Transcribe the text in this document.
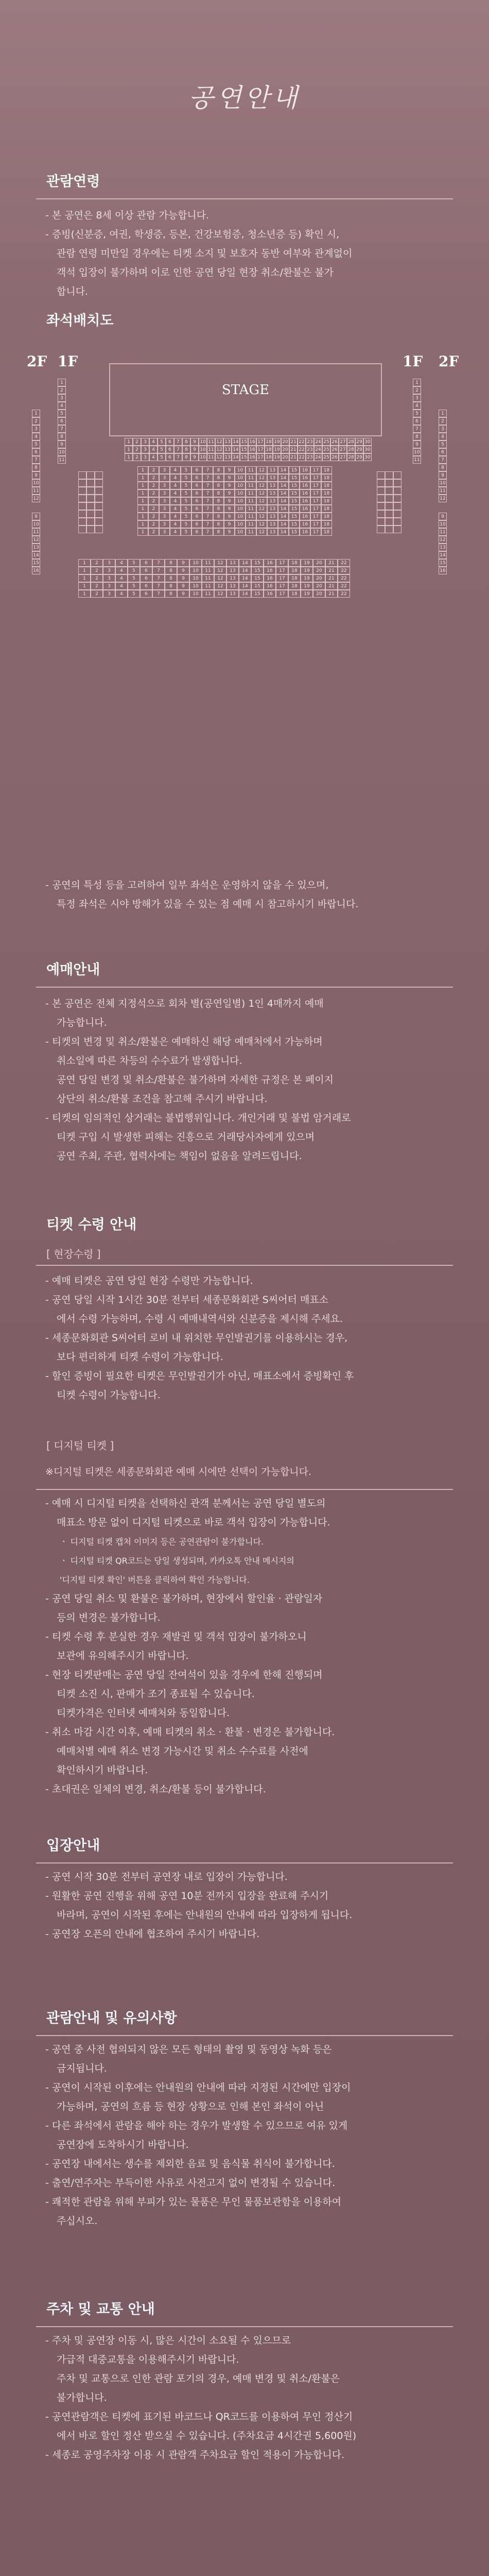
공연안내
관람연령

- 본 공연은 8세 이상 관람 가능합니다.

- 증빙(신분증, 여권, 학생증, 등본, 건강보험증, 청소년증 등) 확인 시,

관람 연령 미만일 경우에는 티켓 소지 및 보호자 동반 여부와 관계없이

객석 입장이 불가하며 이로 인한 공연 당일 현장 취소/환불은 불가

합니다.

좌석배치도
2F 1F	1F 2F
STAGE
1	1
2	2
3	3
4	4
5	5
6	6
7	7
8	8
9	9
10	10
11	11
1	1
2	2
3	3
4	4
5	5
6	6
7	7
8	8
9	9
10	10
11	11
12	12
1	2	3	4	5	6	7	8	9 10 11 12 13 14 15 16 17 18 19 20 21 22 23 24 25 26 27 28 29 30
1	2	3	4	5	6	7	8	9 10 11 12 13 14 15 16 17 18 19 20 21 22 23 24 25 26 27 28 29 30
1	2	3	4	5	6	7	8	9 10 11 12 13 14 15 16 17 18 19 20 21 22 23 24 25 26 27 28 29 30
1	2	3	4	5	6	7	8	9	10	11	12	13	14	15	16	17	18
1	2	3	4	5	6	7	8	9	10	11	12	13	14	15	16	17	18
1	2	3	4	5	6	7	8	9	10	11	12	13	14	15	16	17	18
1	2	3	4	5	6	7	8	9	10	11	12	13	14	15	16	17	18
1	2	3	4	5	6	7	8	9	10	11	12	13	14	15	16	17	18
1	2	3	4	5	6	7	8	9	10	11	12	13	14	15	16	17	18
1	2	3	4	5	6	7	8	9	10	11	12	13	14	15	16	17	18
1	2	3	4	5	6	7	8	9	10	11	12	13	14	15	16	17	18
1	2	3	4	5	6	7	8	9	10	11	12	13	14	15	16	17	18
9	9
10	10
11	11
12	12
13	13
14	14
15	15
16	16
1	2	3	4	5	6	7	8	9	10	11	12	13	14	15	16	17	18	19	20	21	22
1	2	3	4	5	6	7	8	9	10	11	12	13	14	15	16	17	18	19	20	21	22
1	2	3	4	5	6	7	8	9	10	11	12	13	14	15	16	17	18	19	20	21	22
1	2	3	4	5	6	7	8	9	10	11	12	13	14	15	16	17	18	19	20	21	22
1	2	3	4	5	6	7	8	9	10	11	12	13	14	15	16	17	18	19	20	21	22

- 공연의 특성 등을 고려하여 일부 좌석은 운영하지 않을 수 있으며,

특정 좌석은 시야 방해가 있을 수 있는 점 예매 시 참고하시기 바랍니다.

예매안내

- 본 공연은 전체 지정석으로 회차 별(공연일별) 1인 4매까지 예매

가능합니다.

- 티켓의 변경 및 취소/환불은 예매하신 해당 예매처에서 가능하며

취소일에 따른 차등의 수수료가 발생합니다.

공연 당일 변경 및 취소/환불은 불가하며 자세한 규정은 본 페이지

상단의 취소/환불 조건을 참고해 주시기 바랍니다.

- 티켓의 임의적인 상거래는 불법행위입니다. 개인거래 및 불법 암거래로

티켓 구입 시 발생한 피해는 진흥으로 거래당사자에게 있으며

공연 주최, 주관, 협력사에는 책임이 없음을 알려드립니다.

티켓 수령 안내
[ 현장수령 ]

- 예매 티켓은 공연 당일 현장 수령만 가능합니다.

- 공연 당일 시작 1시간 30분 전부터 세종문화회관 S씨어터 매표소

에서 수령 가능하며, 수령 시 예매내역서와 신분증을 제시해 주세요.

- 세종문화회관 S씨어터 로비 내 위치한 무인발권기를 이용하시는 경우,

보다 편리하게 티켓 수령이 가능합니다.

- 할인 증빙이 필요한 티켓은 무인발권기가 아닌, 매표소에서 증빙확인 후

티켓 수령이 가능합니다.

[ 디지털 티켓 ]
※디지털 티켓은 세종문화회관 예매 시에만 선택이 가능합니다.

- 예매 시 디지털 티켓을 선택하신 관객 분께서는 공연 당일 별도의

매표소 방문 없이 디지털 티켓으로 바로 객석 입장이 가능합니다.

ㆍ 디지털 티켓 캡처 이미지 등은 공연관람이 불가합니다.

ㆍ 디지털 티켓 QR코드는 당일 생성되며, 카카오톡 안내 메시지의

'디지털 티켓 확인' 버튼을 클릭하여 확인 가능합니다.

- 공연 당일 취소 및 환불은 불가하며, 현장에서 할인율 · 관람일자

등의 변경은 불가합니다.

- 티켓 수령 후 분실한 경우 재발권 및 객석 입장이 불가하오니

보관에 유의해주시기 바랍니다.

- 현장 티켓판매는 공연 당일 잔여석이 있을 경우에 한해 진행되며

티켓 소진 시, 판매가 조기 종료될 수 있습니다.

티켓가격은 인터넷 예매처와 동일합니다.

- 취소 마감 시간 이후, 예매 티켓의 취소 · 환불 · 변경은 불가합니다.

예매처별 예매 취소 변경 가능시간 및 취소 수수료를 사전에

확인하시기 바랍니다.

- 초대권은 일체의 변경, 취소/환불 등이 불가합니다.

입장안내

- 공연 시작 30분 전부터 공연장 내로 입장이 가능합니다.

- 원활한 공연 진행을 위해 공연 10분 전까지 입장을 완료해 주시기

바라며, 공연이 시작된 후에는 안내원의 안내에 따라 입장하게 됩니다.

- 공연장 오픈의 안내에 협조하여 주시기 바랍니다.

관람안내 및 유의사항

- 공연 중 사전 협의되지 않은 모든 형태의 촬영 및 동영상 녹화 등은

금지됩니다.

- 공연이 시작된 이후에는 안내원의 안내에 따라 지정된 시간에만 입장이

가능하며, 공연의 흐름 등 현장 상황으로 인해 본인 좌석이 아닌

- 다른 좌석에서 관람을 해야 하는 경우가 발생할 수 있으므로 여유 있게

공연장에 도착하시기 바랍니다.

- 공연장 내에서는 생수를 제외한 음료 및 음식물 취식이 불가합니다.

- 출연/연주자는 부득이한 사유로 사전고지 없이 변경될 수 있습니다.

- 쾌적한 관람을 위해 부피가 있는 물품은 무인 물품보관함을 이용하여

주십시오.

주차 및 교통 안내

- 주차 및 공연장 이동 시, 많은 시간이 소요될 수 있으므로

가급적 대중교통을 이용해주시기 바랍니다.

주차 및 교통으로 인한 관람 포기의 경우, 예매 변경 및 취소/환불은

불가합니다.

- 공연관람객은 티켓에 표기된 바코드나 QR코드를 이용하여 무인 정산기

에서 바로 할인 정산 받으실 수 있습니다. (주차요금 4시간권 5,600원)

- 세종로 공영주차장 이용 시 관람객 주차요금 할인 적용이 가능합니다.
